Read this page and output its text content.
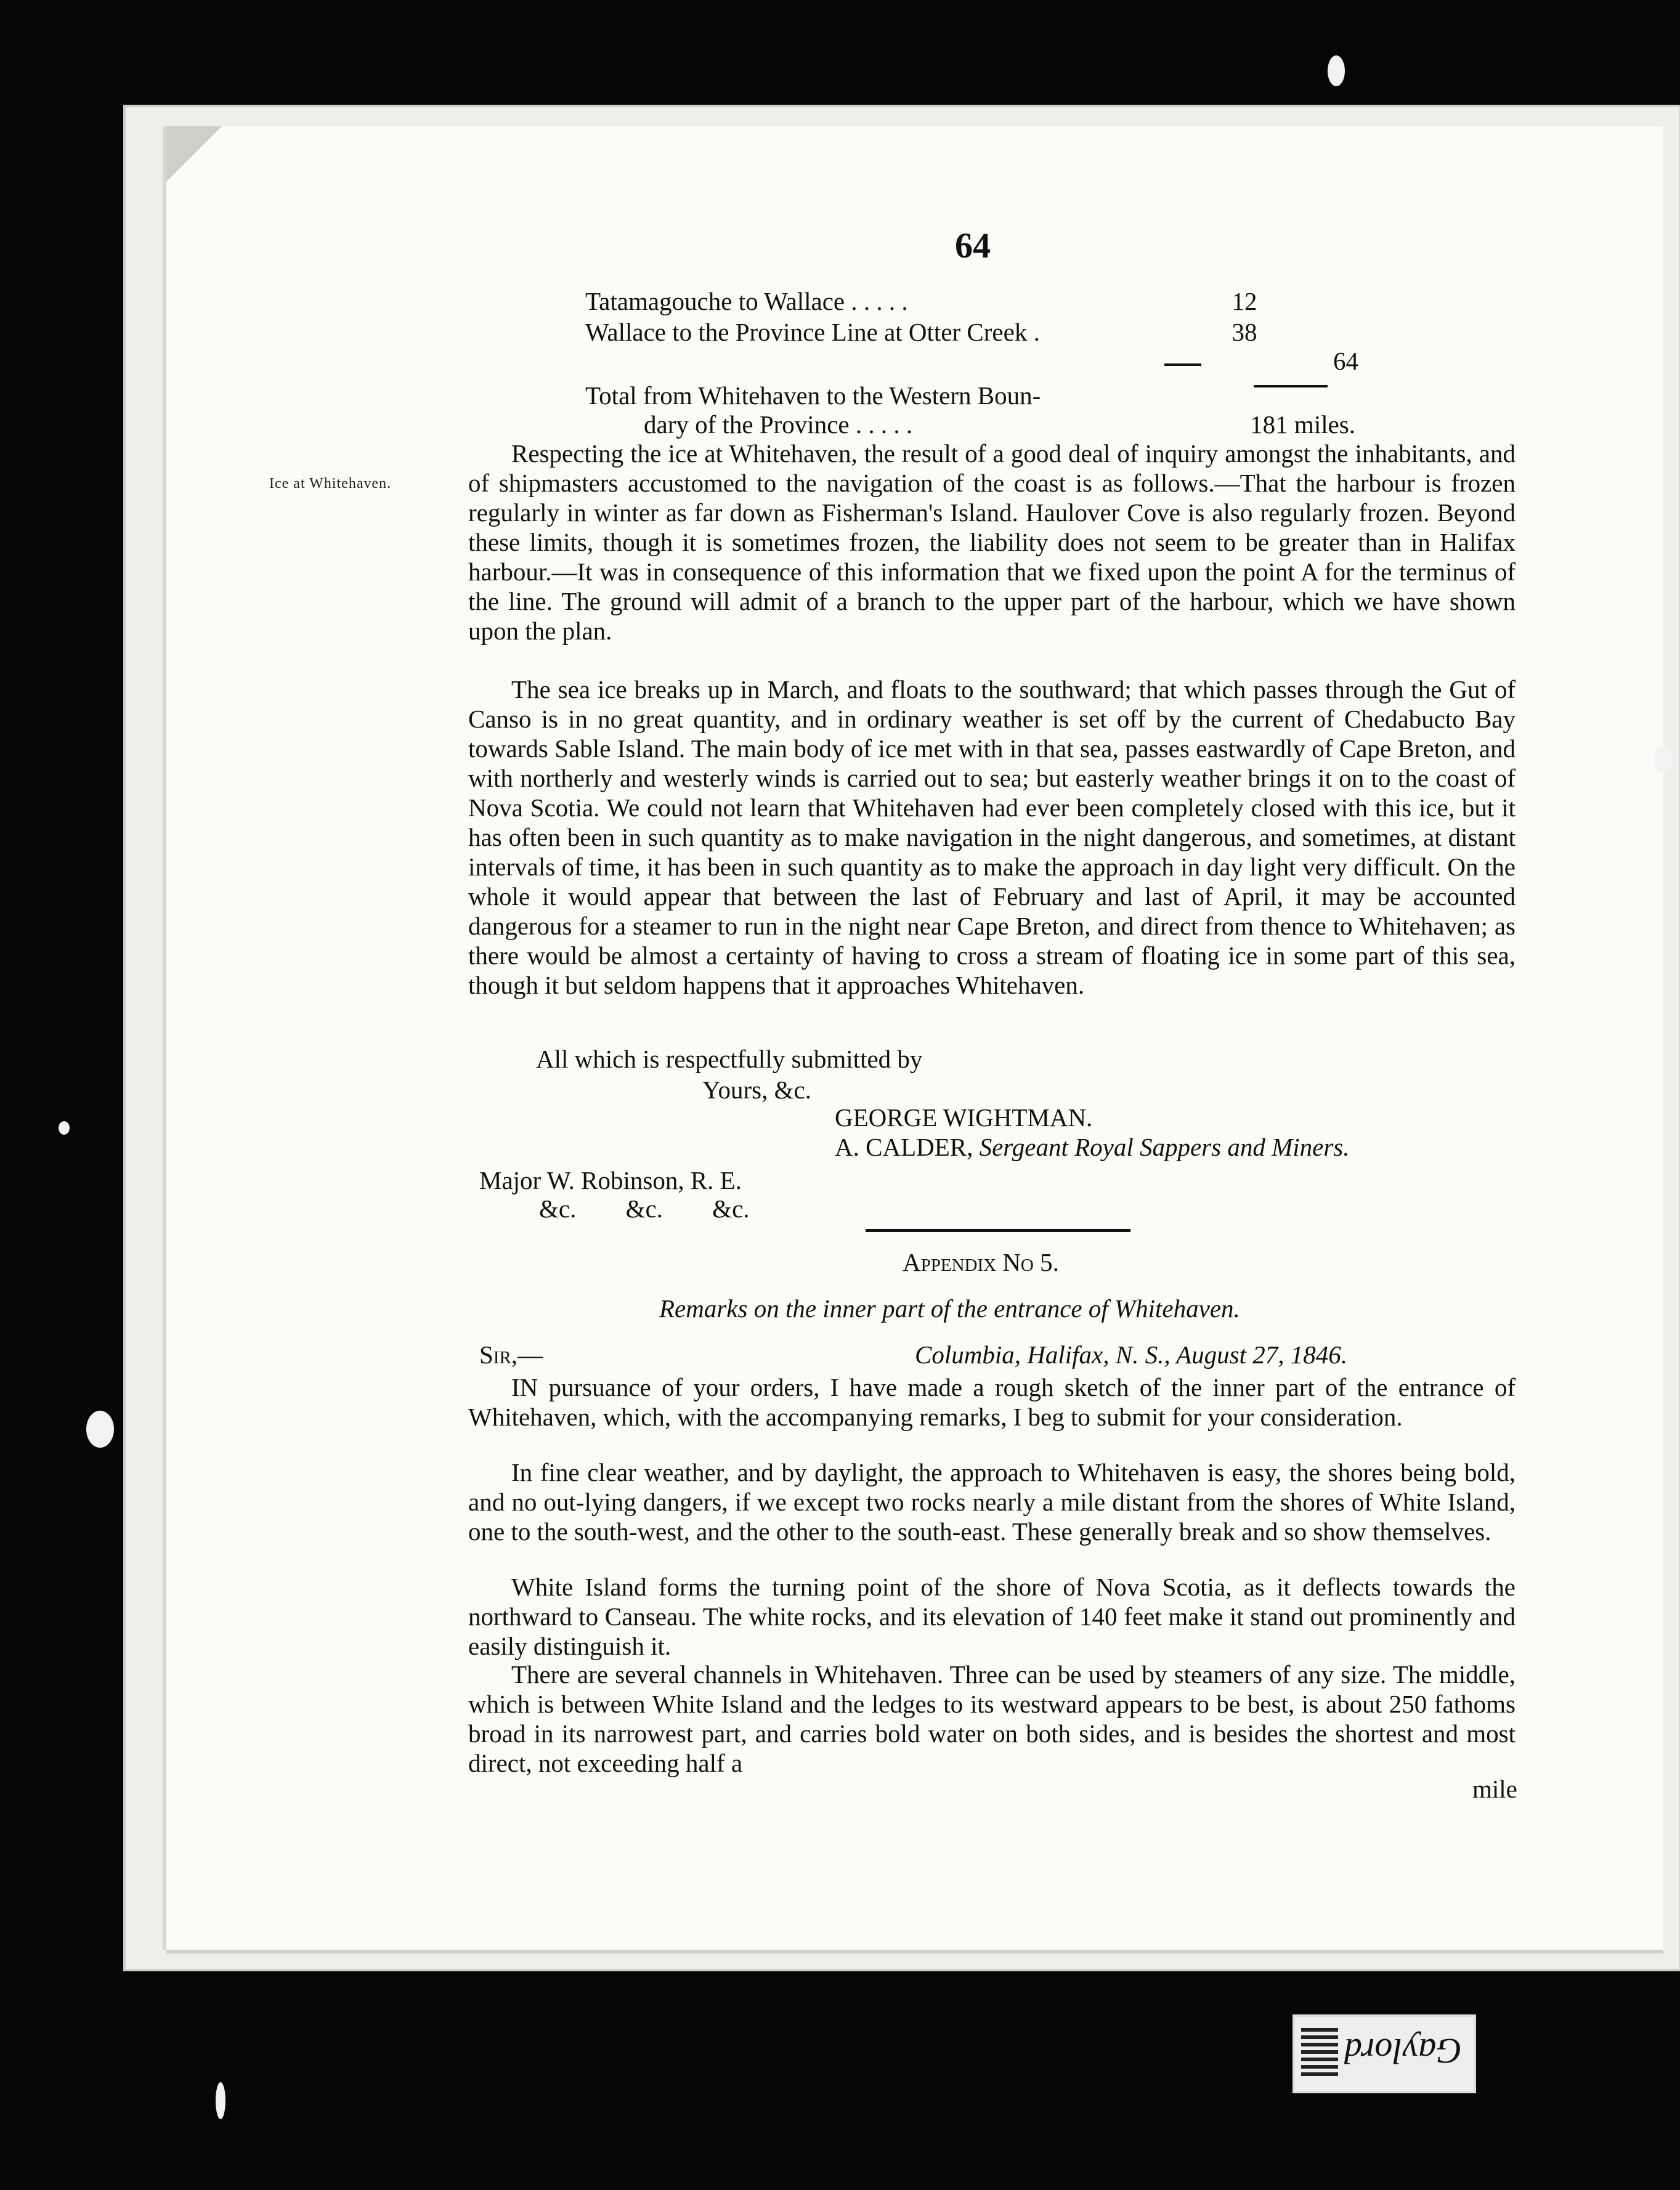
64
Tatamagouche to Wallace . . . . .	12
Wallace to the Province Line at Otter Creek .	38
64
Total from Whitehaven to the Western Boun-
dary of the Province . . . . .	181 miles.
Ice at Whitehaven.
Respecting the ice at Whitehaven, the result of a good deal of inquiry amongst the inhabitants, and of shipmasters accustomed to the navigation of the coast is as follows.—That the harbour is frozen regularly in winter as far down as Fisherman's Island. Haulover Cove is also regularly frozen. Beyond these limits, though it is sometimes frozen, the liability does not seem to be greater than in Halifax harbour.—It was in consequence of this information that we fixed upon the point A for the terminus of the line. The ground will admit of a branch to the upper part of the harbour, which we have shown upon the plan.
The sea ice breaks up in March, and floats to the southward; that which passes through the Gut of Canso is in no great quantity, and in ordinary weather is set off by the current of Chedabucto Bay towards Sable Island. The main body of ice met with in that sea, passes eastwardly of Cape Breton, and with northerly and westerly winds is carried out to sea; but easterly weather brings it on to the coast of Nova Scotia. We could not learn that Whitehaven had ever been completely closed with this ice, but it has often been in such quantity as to make navigation in the night dangerous, and sometimes, at distant intervals of time, it has been in such quantity as to make the approach in day light very difficult. On the whole it would appear that between the last of February and last of April, it may be accounted dangerous for a steamer to run in the night near Cape Breton, and direct from thence to Whitehaven; as there would be almost a certainty of having to cross a stream of floating ice in some part of this sea, though it but seldom happens that it approaches Whitehaven.
All which is respectfully submitted by
Yours, &c.
GEORGE WIGHTMAN.
A. CALDER, Sergeant Royal Sappers and Miners.
Major W. Robinson, R. E.
&c. &c. &c.
Appendix No 5.
Remarks on the inner part of the entrance of Whitehaven.
Sir,—	Columbia, Halifax, N. S., August 27, 1846.
IN pursuance of your orders, I have made a rough sketch of the inner part of the entrance of Whitehaven, which, with the accompanying remarks, I beg to submit for your consideration.
In fine clear weather, and by daylight, the approach to Whitehaven is easy, the shores being bold, and no out-lying dangers, if we except two rocks nearly a mile distant from the shores of White Island, one to the south-west, and the other to the south-east. These generally break and so show themselves.
White Island forms the turning point of the shore of Nova Scotia, as it deflects towards the northward to Canseau. The white rocks, and its elevation of 140 feet make it stand out prominently and easily distinguish it.
There are several channels in Whitehaven. Three can be used by steamers of any size. The middle, which is between White Island and the ledges to its westward appears to be best, is about 250 fathoms broad in its narrowest part, and carries bold water on both sides, and is besides the shortest and most direct, not exceeding half a
mile
Gaylord
